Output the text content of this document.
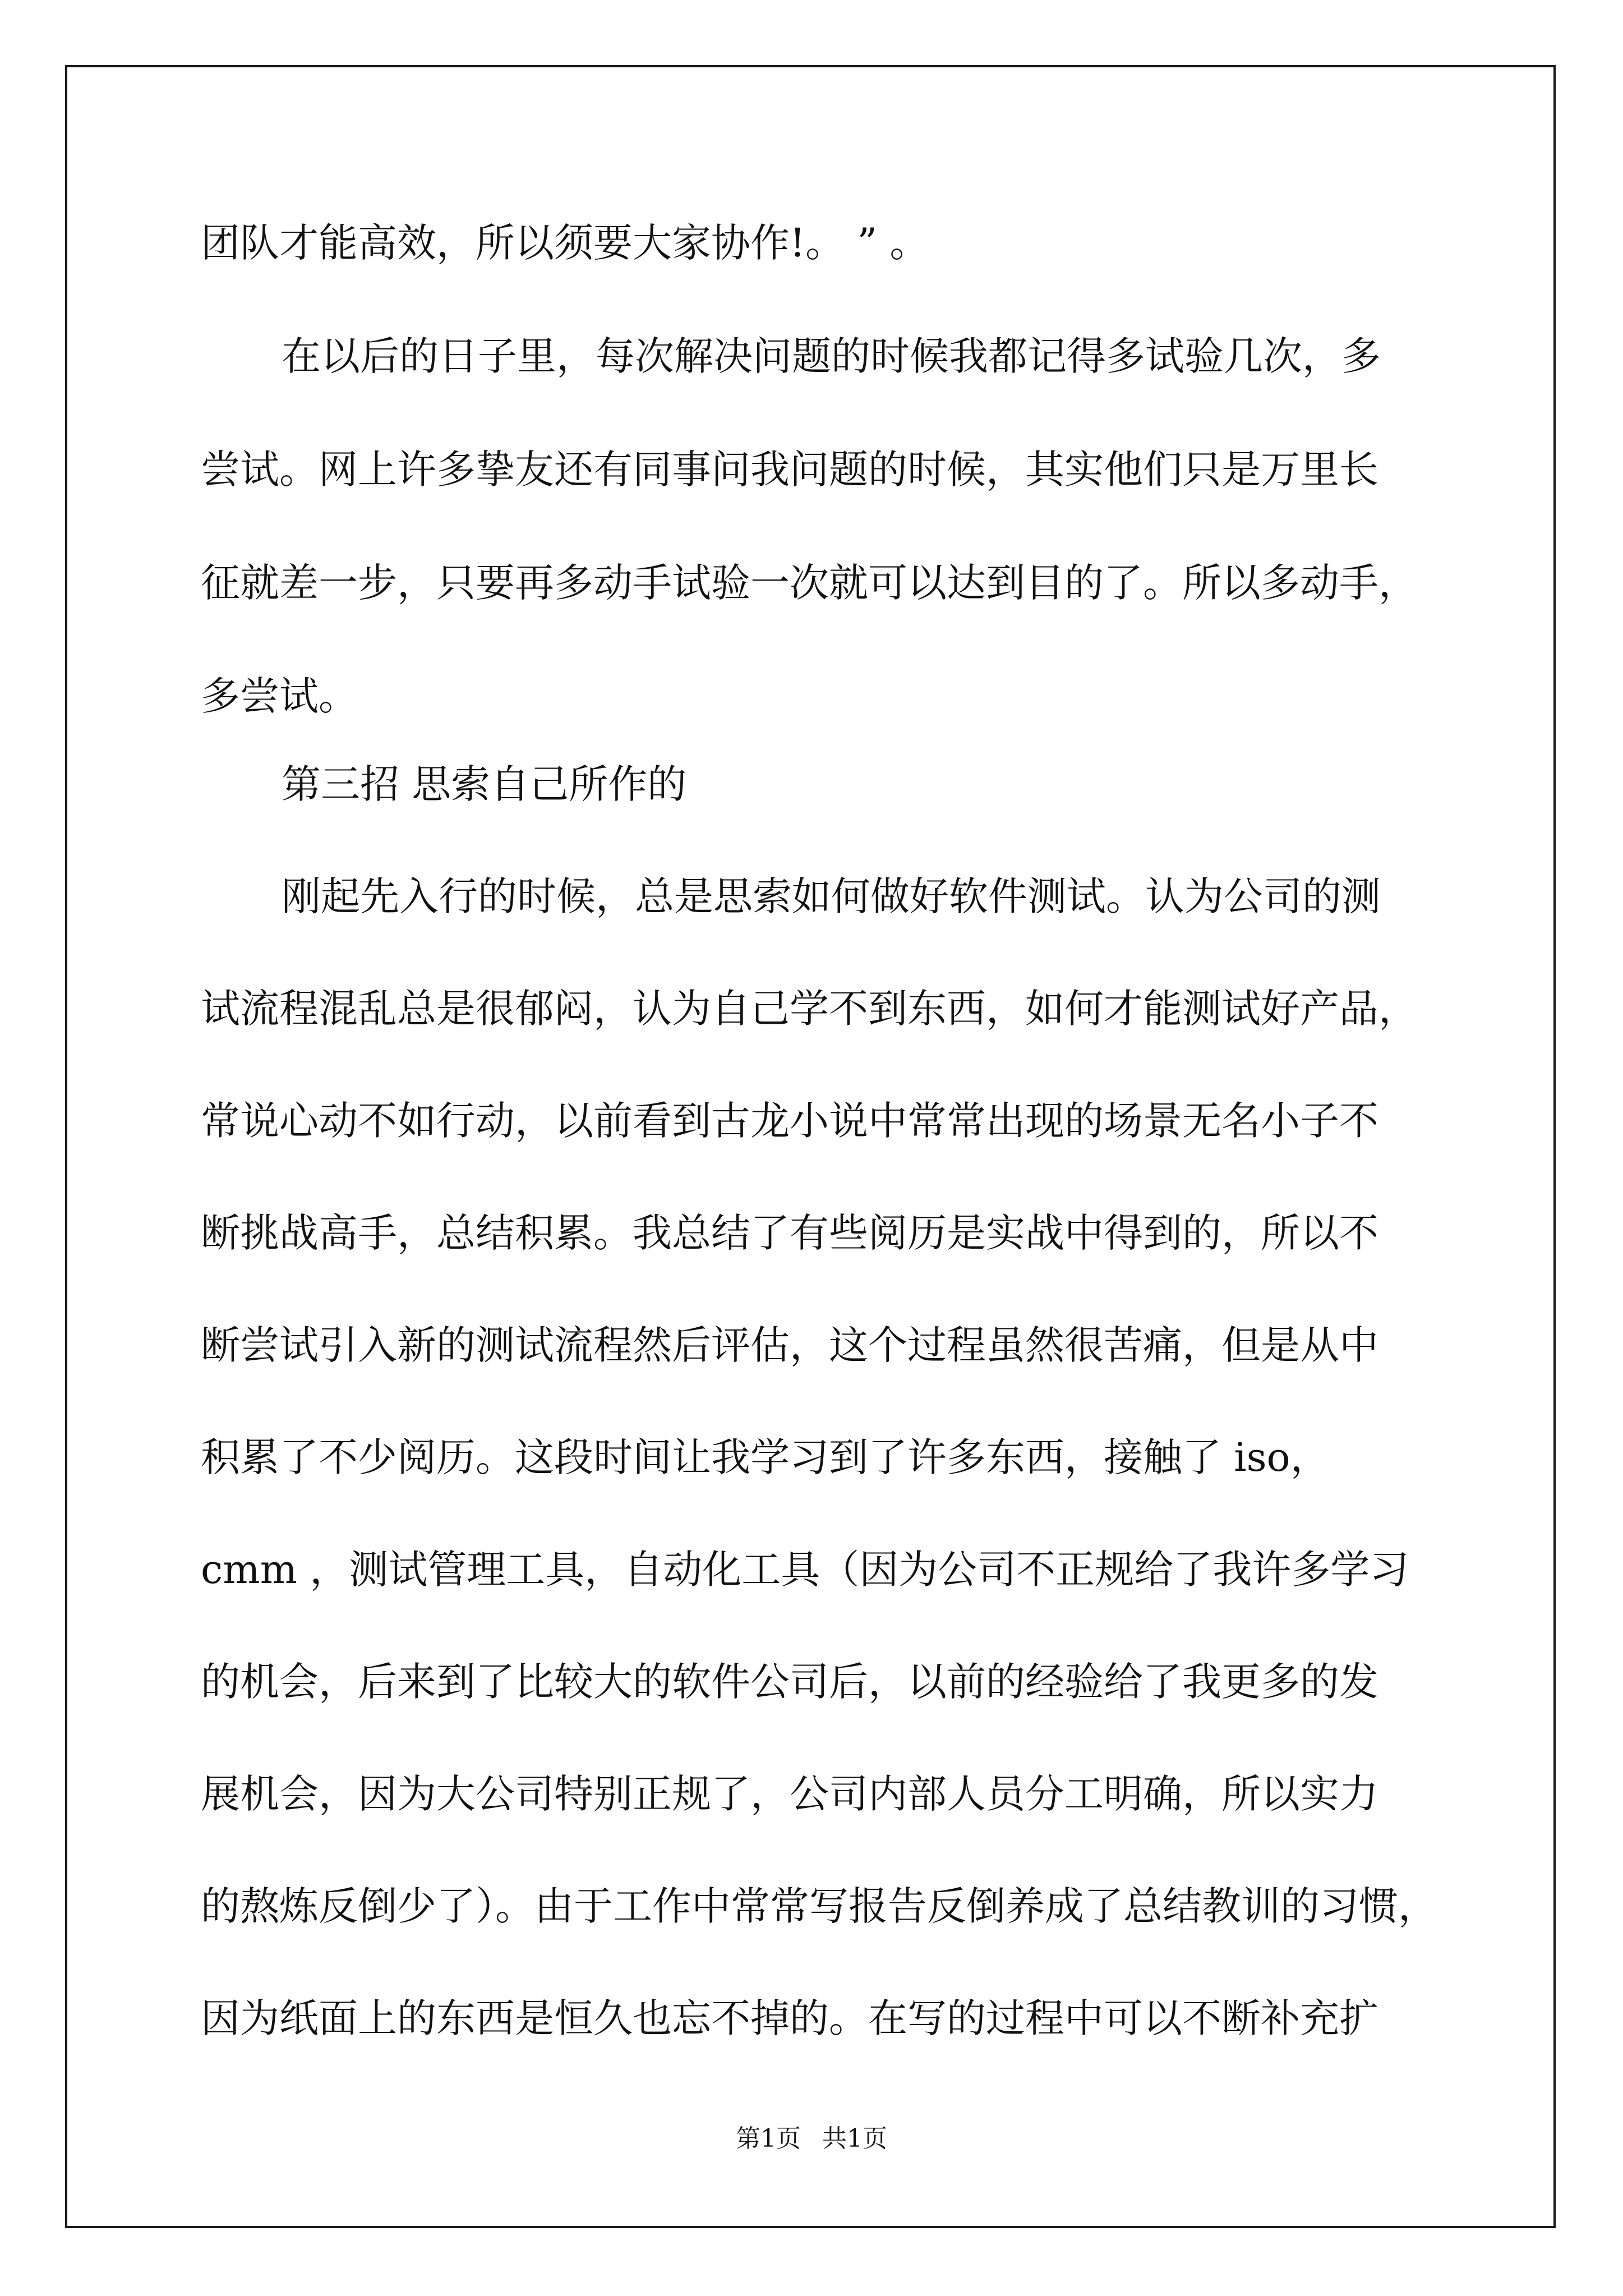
团队才能高效，所以须要大家协作!。 ” 。
在以后的日子里，每次解决问题的时候我都记得多试验几次，多
尝试。网上许多挚友还有同事问我问题的时候，其实他们只是万里长
征就差一步，只要再多动手试验一次就可以达到目的了。所以多动手，
多尝试。
第三招 思索自己所作的
刚起先入行的时候，总是思索如何做好软件测试。认为公司的测
试流程混乱总是很郁闷，认为自己学不到东西，如何才能测试好产品，
常说心动不如行动，以前看到古龙小说中常常出现的场景无名小子不
断挑战高手，总结积累。我总结了有些阅历是实战中得到的，所以不
断尝试引入新的测试流程然后评估，这个过程虽然很苦痛，但是从中
积累了不少阅历。这段时间让我学习到了许多东西，接触了 iso，
cmm ，测试管理工具，自动化工具（因为公司不正规给了我许多学习
的机会，后来到了比较大的软件公司后，以前的经验给了我更多的发
展机会，因为大公司特别正规了，公司内部人员分工明确，所以实力
的熬炼反倒少了）。由于工作中常常写报告反倒养成了总结教训的习惯，
因为纸面上的东西是恒久也忘不掉的。在写的过程中可以不断补充扩
第1页 共1页
